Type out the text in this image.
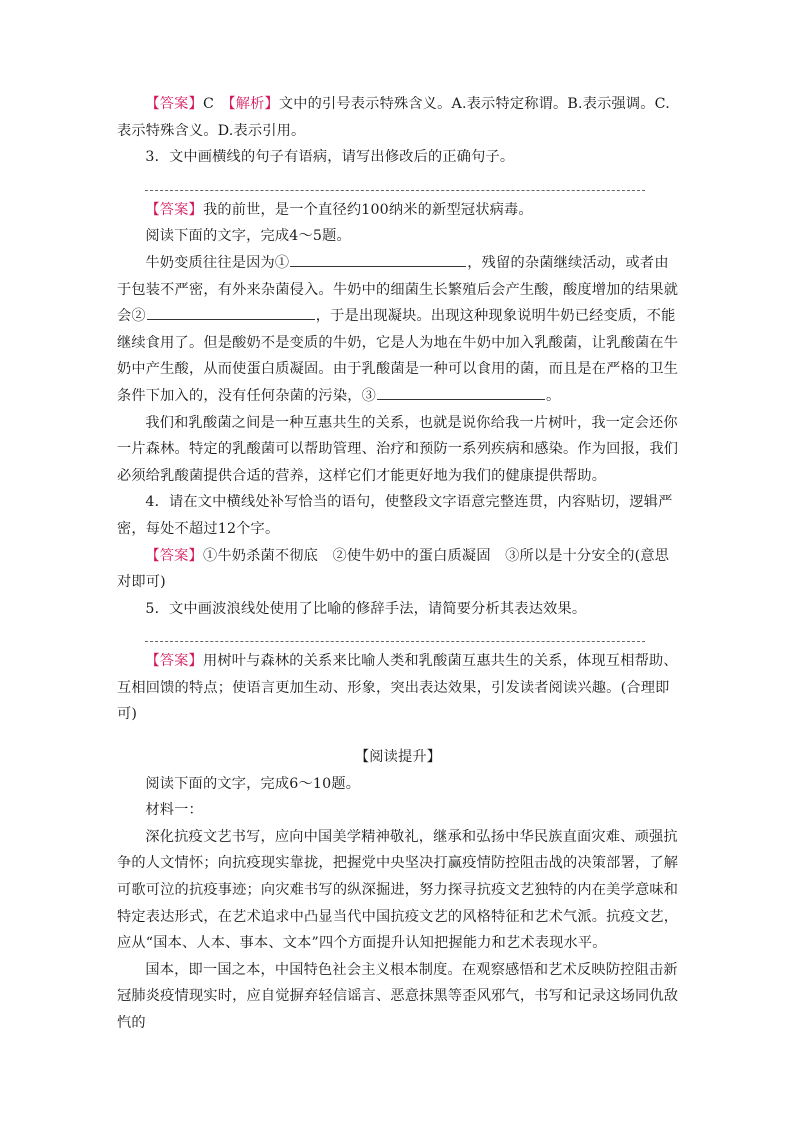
【答案】C　 【解析】文中的引号表示特殊含义。A.表示特定称谓。B.表示强调。C.表示特殊含义。D.表示引用。

3．文中画横线的句子有语病，请写出修改后的正确句子。

【答案】我的前世，是一个直径约100纳米的新型冠状病毒。

阅读下面的文字，完成4～5题。

牛奶变质往往是因为①	，残留的杂菌继续活动，或者由于包装不严密，有外来杂菌侵入。牛奶中的细菌生长繁殖后会产生酸，酸度增加的结果就会②	，于是出现凝块。出现这种现象说明牛奶已经变质，不能继续食用了。但是酸奶不是变质的牛奶，它是人为地在牛奶中加入乳酸菌，让乳酸菌在牛奶中产生酸，从而使蛋白质凝固。由于乳酸菌是一种可以食用的菌，而且是在严格的卫生条件下加入的，没有任何杂菌的污染，③	。

我们和乳酸菌之间是一种互惠共生的关系，也就是说你给我一片树叶，我一定会还你一片森林。特定的乳酸菌可以帮助管理、治疗和预防一系列疾病和感染。作为回报，我们必须给乳酸菌提供合适的营养，这样它们才能更好地为我们的健康提供帮助。

4．请在文中横线处补写恰当的语句，使整段文字语意完整连贯，内容贴切，逻辑严密，每处不超过12个字。

【答案】①牛奶杀菌不彻底　②使牛奶中的蛋白质凝固　③所以是十分安全的(意思对即可)

5．文中画波浪线处使用了比喻的修辞手法，请简要分析其表达效果。

【答案】用树叶与森林的关系来比喻人类和乳酸菌互惠共生的关系，体现互相帮助、互相回馈的特点；使语言更加生动、形象，突出表达效果，引发读者阅读兴趣。(合理即可)

【阅读提升】

阅读下面的文字，完成6～10题。

材料一：

深化抗疫文艺书写，应向中国美学精神敬礼，继承和弘扬中华民族直面灾难、顽强抗争的人文情怀；向抗疫现实靠拢，把握党中央坚决打赢疫情防控阻击战的决策部署，了解可歌可泣的抗疫事迹；向灾难书写的纵深掘进，努力探寻抗疫文艺独特的内在美学意味和特定表达形式，在艺术追求中凸显当代中国抗疫文艺的风格特征和艺术气派。抗疫文艺，应从“国本、人本、事本、文本”四个方面提升认知把握能力和艺术表现水平。

国本，即一国之本，中国特色社会主义根本制度。在观察感悟和艺术反映防控阻击新冠肺炎疫情现实时，应自觉摒弃轻信谣言、恶意抹黑等歪风邪气，书写和记录这场同仇敌忾的
